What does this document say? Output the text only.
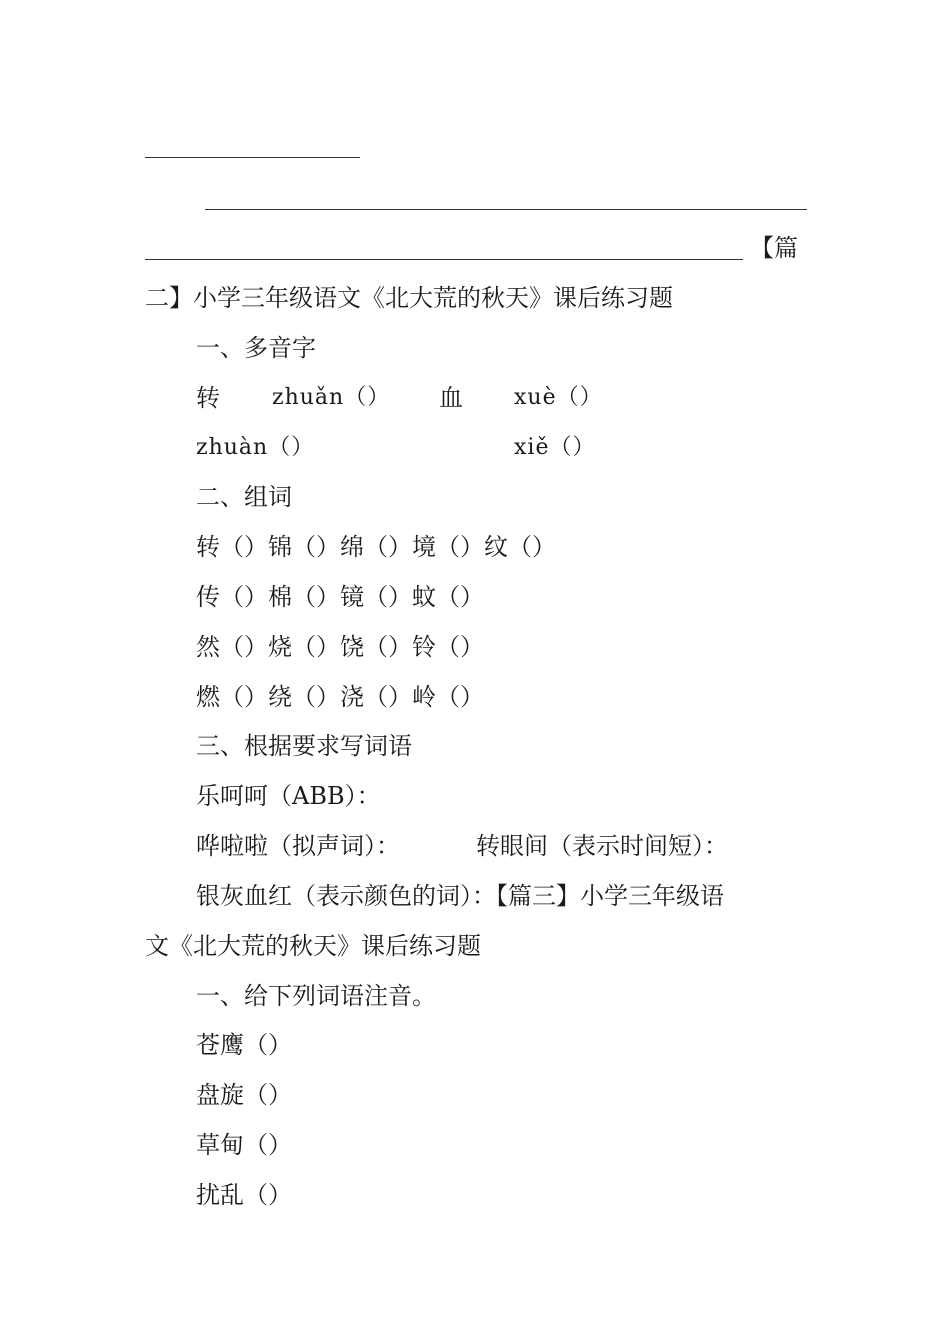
【篇
二】小学三年级语文《北大荒的秋天》课后练习题
一、多音字
转 zhuǎn（） 血 xuè（）
zhuàn（）	xiě（）
二、组词
转（）锦（）绵（）境（）纹（）
传（）棉（）镜（）蚊（）
然（）烧（）饶（）铃（）
燃（）绕（）浇（）岭（）
三、根据要求写词语
乐呵呵（ABB）：
哗啦啦（拟声词）：	转眼间（表示时间短）：
银灰血红（表示颜色的词）：【篇三】小学三年级语
文《北大荒的秋天》课后练习题
一、给下列词语注音。
苍鹰（）
盘旋（）
草甸（）
扰乱（）
